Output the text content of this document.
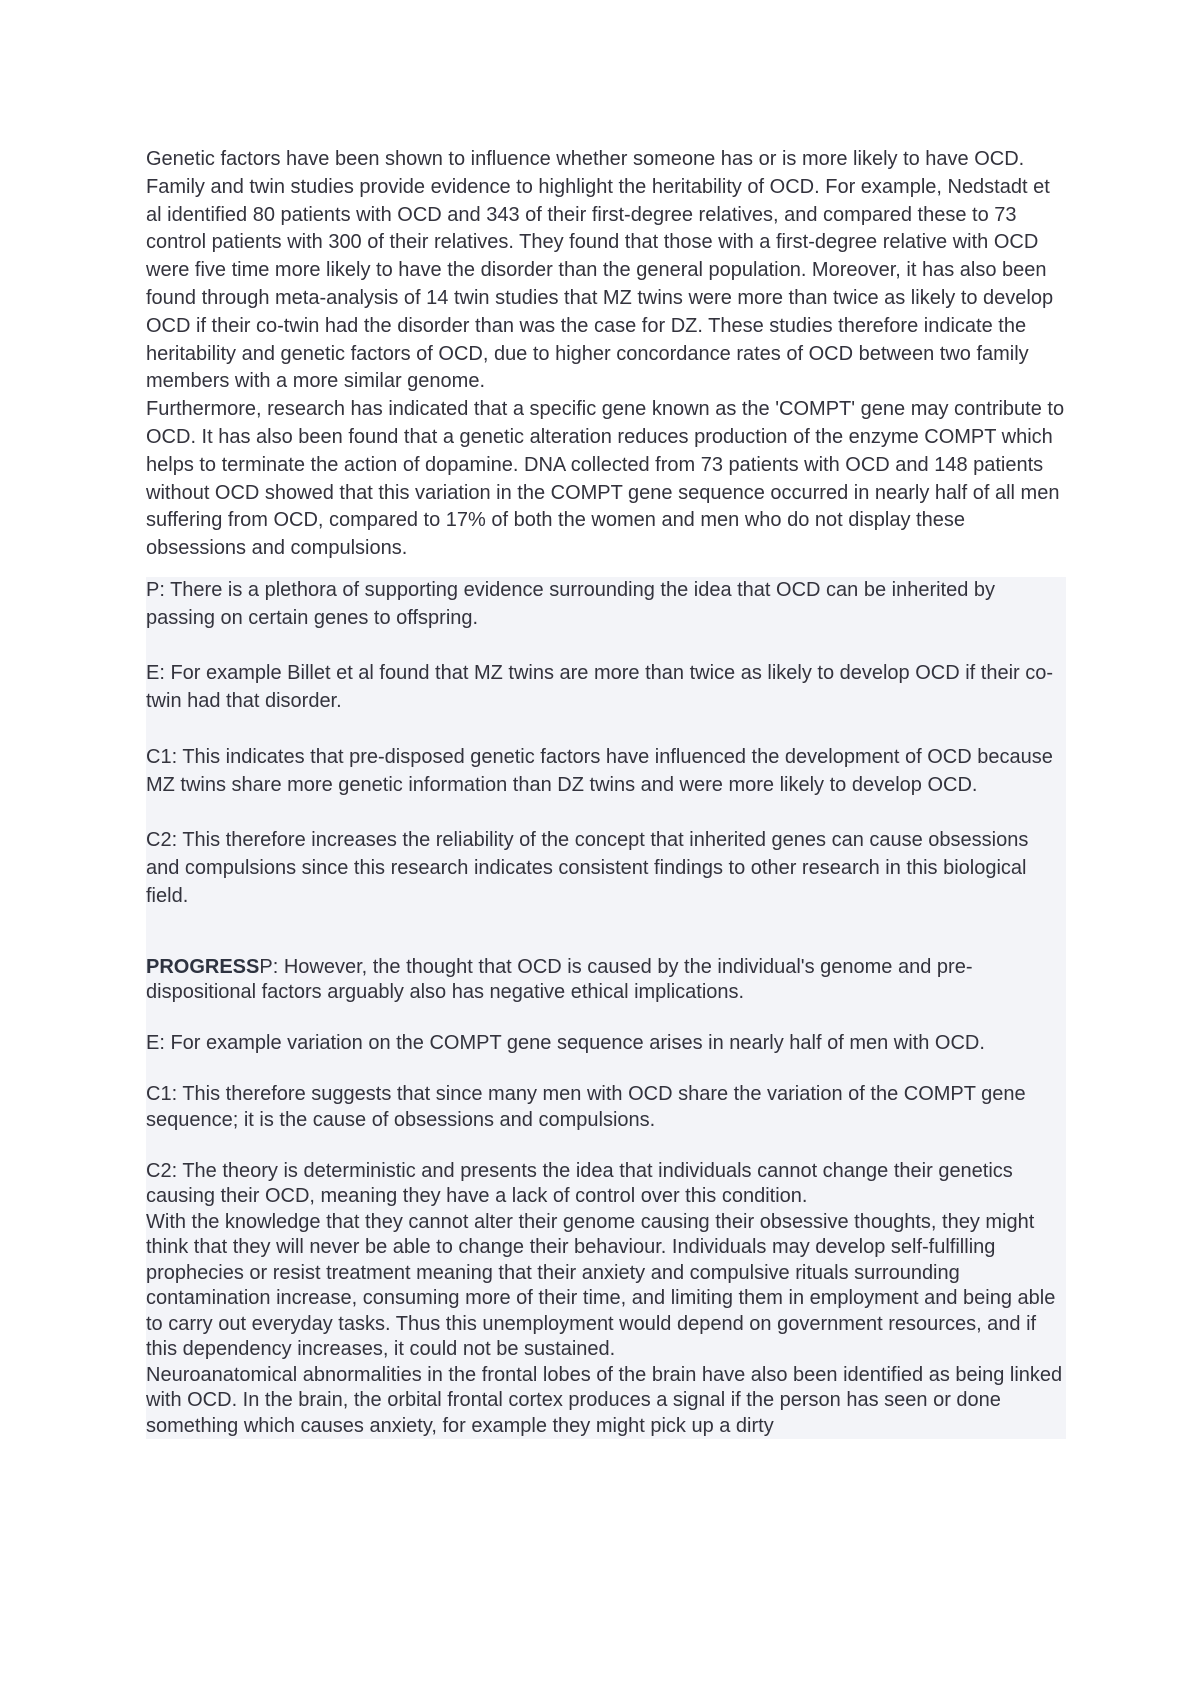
Genetic factors have been shown to influence whether someone has or is more likely to have OCD. Family and twin studies provide evidence to highlight the heritability of OCD. For example, Nedstadt et al identified 80 patients with OCD and 343 of their first-degree relatives, and compared these to 73 control patients with 300 of their relatives. They found that those with a first-degree relative with OCD were five time more likely to have the disorder than the general population. Moreover, it has also been found through meta-analysis of 14 twin studies that MZ twins were more than twice as likely to develop OCD if their co-twin had the disorder than was the case for DZ. These studies therefore indicate the heritability and genetic factors of OCD, due to higher concordance rates of OCD between two family members with a more similar genome.

Furthermore, research has indicated that a specific gene known as the 'COMPT' gene may contribute to OCD. It has also been found that a genetic alteration reduces production of the enzyme COMPT which helps to terminate the action of dopamine. DNA collected from 73 patients with OCD and 148 patients without OCD showed that this variation in the COMPT gene sequence occurred in nearly half of all men suffering from OCD, compared to 17% of both the women and men who do not display these obsessions and compulsions.

P: There is a plethora of supporting evidence surrounding the idea that OCD can be inherited by passing on certain genes to offspring.

E: For example Billet et al found that MZ twins are more than twice as likely to develop OCD if their co-twin had that disorder.

C1: This indicates that pre-disposed genetic factors have influenced the development of OCD because MZ twins share more genetic information than DZ twins and were more likely to develop OCD.

C2: This therefore increases the reliability of the concept that inherited genes can cause obsessions and compulsions since this research indicates consistent findings to other research in this biological field.

PROGRESSP: However, the thought that OCD is caused by the individual's genome and pre-dispositional factors arguably also has negative ethical implications.

E: For example variation on the COMPT gene sequence arises in nearly half of men with OCD.

C1: This therefore suggests that since many men with OCD share the variation of the COMPT gene sequence; it is the cause of obsessions and compulsions.

C2: The theory is deterministic and presents the idea that individuals cannot change their genetics causing their OCD, meaning they have a lack of control over this condition.

With the knowledge that they cannot alter their genome causing their obsessive thoughts, they might think that they will never be able to change their behaviour. Individuals may develop self-fulfilling prophecies or resist treatment meaning that their anxiety and compulsive rituals surrounding contamination increase, consuming more of their time, and limiting them in employment and being able to carry out everyday tasks. Thus this unemployment would depend on government resources, and if this dependency increases, it could not be sustained.

Neuroanatomical abnormalities in the frontal lobes of the brain have also been identified as being linked with OCD. In the brain, the orbital frontal cortex produces a signal if the person has seen or done something which causes anxiety, for example they might pick up a dirty
